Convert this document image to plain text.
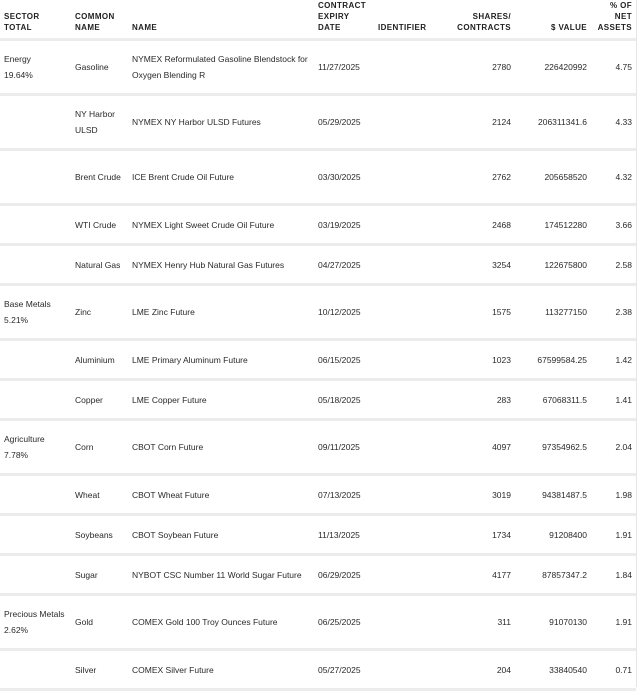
SECTOR TOTAL	COMMON NAME	NAME	CONTRACT EXPIRY DATE	IDENTIFIER	SHARES/ CONTRACTS	$ VALUE	% OF NET ASSETS
Energy
19.64%	Gasoline	NYMEX Reformulated Gasoline Blendstock for Oxygen Blending R	11/27/2025		2780	226420992	4.75

	NY Harbor ULSD	NYMEX NY Harbor ULSD Futures	05/29/2025		2124	206311341.6	4.33

	Brent Crude	ICE Brent Crude Oil Future	03/30/2025		2762	205658520	4.32

	WTI Crude	NYMEX Light Sweet Crude Oil Future	03/19/2025		2468	174512280	3.66

	Natural Gas	NYMEX Henry Hub Natural Gas Futures	04/27/2025		3254	122675800	2.58
Base Metals
5.21%	Zinc	LME Zinc Future	10/12/2025		1575	113277150	2.38

	Aluminium	LME Primary Aluminum Future	06/15/2025		1023	67599584.25	1.42

	Copper	LME Copper Future	05/18/2025		283	67068311.5	1.41
Agriculture
7.78%	Corn	CBOT Corn Future	09/11/2025		4097	97354962.5	2.04

	Wheat	CBOT Wheat Future	07/13/2025		3019	94381487.5	1.98

	Soybeans	CBOT Soybean Future	11/13/2025		1734	91208400	1.91

	Sugar	NYBOT CSC Number 11 World Sugar Future	06/29/2025		4177	87857347.2	1.84
Precious Metals
2.62%	Gold	COMEX Gold 100 Troy Ounces Future	06/25/2025		311	91070130	1.91

	Silver	COMEX Silver Future	05/27/2025		204	33840540	0.71
